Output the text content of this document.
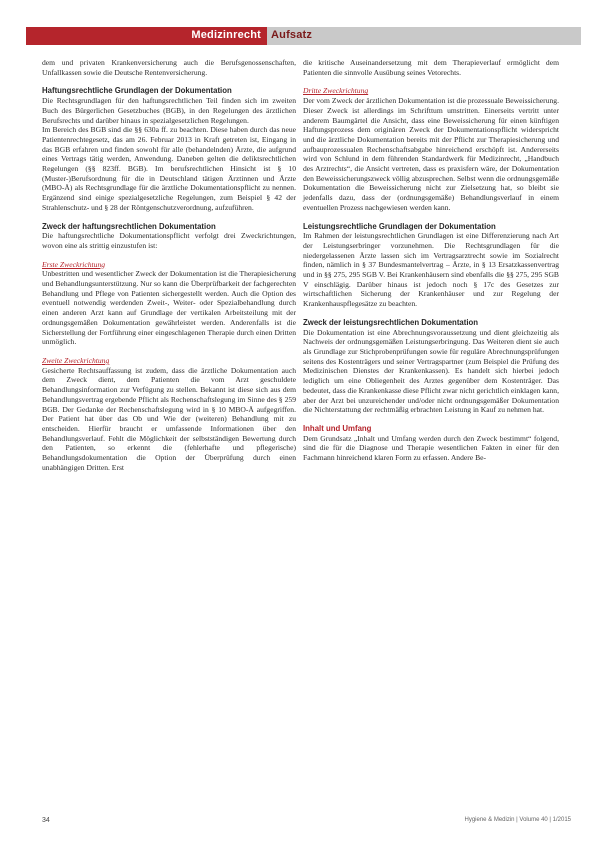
Medizinrecht Aufsatz

dem und privaten Krankenversicherung auch die Berufsgenossenschaften, Unfallkassen sowie die Deutsche Rentenversicherung.

Haftungsrechtliche Grundlagen der Dokumentation

Die Rechtsgrundlagen für den haftungsrechtlichen Teil finden sich im zweiten Buch des Bürgerlichen Gesetzbuches (BGB), in den Regelungen des ärztlichen Berufsrechts und darüber hinaus in spezialgesetzlichen Regelungen.

Im Bereich des BGB sind die §§ 630a ff. zu beachten. Diese haben durch das neue Patientenrechtegesetz, das am 26. Februar 2013 in Kraft getreten ist, Eingang in das BGB erfahren und finden sowohl für alle (behandelnden) Ärzte, die aufgrund eines Vertrags tätig werden, Anwendung. Daneben gelten die deliktsrechtlichen Regelungen (§§ 823ff. BGB). Im berufsrechtlichen Hinsicht ist § 10 (Muster-)Berufsordnung für die in Deutschland tätigen Ärztinnen und Ärzte (MBO-Ä) als Rechtsgrundlage für die ärztliche Dokumentationspflicht zu nennen. Ergänzend sind einige spezialgesetzliche Regelungen, zum Beispiel § 42 der Strahlenschutz- und § 28 der Röntgenschutzverordnung, aufzuführen.

Zweck der haftungsrechtlichen Dokumentation

Die haftungsrechtliche Dokumentationspflicht verfolgt drei Zweckrichtungen, wovon eine als strittig einzustufen ist:

Erste Zweckrichtung

Unbestritten und wesentlicher Zweck der Dokumentation ist die Therapiesicherung und Behandlungsunterstützung. Nur so kann die Überprüfbarkeit der fachgerechten Behandlung und Pflege von Patienten sichergestellt werden. Auch die Option des eventuell notwendig werdenden Zweit-, Weiter- oder Spezialbehandlung durch einen anderen Arzt kann auf Grundlage der vertikalen Arbeitsteilung mit der ordnungsgemäßen Dokumentation gewährleistet werden. Anderenfalls ist die Sicherstellung der Fortführung einer eingeschlagenen Therapie durch einen Dritten unmöglich.

Zweite Zweckrichtung

Gesicherte Rechtsauffassung ist zudem, dass die ärztliche Dokumentation auch dem Zweck dient, dem Patienten die vom Arzt geschuldete Behandlungsinformation zur Verfügung zu stellen. Bekannt ist diese sich aus dem Behandlungsvertrag ergebende Pflicht als Rechenschaftslegung im Sinne des § 259 BGB. Der Gedanke der Rechenschaftslegung wird in § 10 MBO-Ä aufgegriffen. Der Patient hat über das Ob und Wie der (weiteren) Behandlung mit zu entscheiden. Hierfür braucht er umfassende Informationen über den Behandlungsverlauf. Fehlt die Möglichkeit der selbstständigen Bewertung durch den Patienten, so erkennt die (fehlerhafte und pflegerische) Behandlungsdokumentation die Option der Überprüfung durch einen unabhängigen Dritten. Erst

die kritische Auseinandersetzung mit dem Therapieverlauf ermöglicht dem Patienten die sinnvolle Ausübung seines Vetorechts.

Dritte Zweckrichtung

Der vom Zweck der ärztlichen Dokumentation ist die prozessuale Beweissicherung. Dieser Zweck ist allerdings im Schrifttum umstritten. Einerseits vertritt unter anderem Baumgärtel die Ansicht, dass eine Beweissicherung für einen künftigen Haftungsprozess dem originären Zweck der Dokumentationspflicht widerspricht und die ärztliche Dokumentation bereits mit der Pflicht zur Therapiesicherung und aufbauprozessualen Rechenschaftsabgabe hinreichend erschöpft ist. Andererseits wird von Schlund in dem führenden Standardwerk für Medizinrecht, „Handbuch des Arztrechts“, die Ansicht vertreten, dass es praxisfern wäre, der Dokumentation den Beweissicherungszweck völlig abzusprechen. Selbst wenn die ordnungsgemäße Dokumentation die Beweissicherung nicht zur Zielsetzung hat, so bleibt sie jedenfalls dazu, dass der (ordnungsgemäße) Behandlungsverlauf in einem eventuellen Prozess nachgewiesen werden kann.

Leistungsrechtliche Grundlagen der Dokumentation

Im Rahmen der leistungsrechtlichen Grundlagen ist eine Differenzierung nach Art der Leistungserbringer vorzunehmen. Die Rechtsgrundlagen für die niedergelassenen Ärzte lassen sich im Vertragsarztrecht sowie im Sozialrecht finden, nämlich in § 37 Bundesmantelvertrag – Ärzte, in § 13 Ersatzkassenvertrag und in §§ 275, 295 SGB V. Bei Krankenhäusern sind ebenfalls die §§ 275, 295 SGB V einschlägig. Darüber hinaus ist jedoch noch § 17c des Gesetzes zur wirtschaftlichen Sicherung der Krankenhäuser und zur Regelung der Krankenhauspflegesätze zu beachten.

Zweck der leistungsrechtlichen Dokumentation

Die Dokumentation ist eine Abrechnungsvoraussetzung und dient gleichzeitig als Nachweis der ordnungsgemäßen Leistungserbringung. Das Weiteren dient sie auch als Grundlage zur Stichprobenprüfungen sowie für reguläre Abrechnungsprüfungen seitens des Kostenträgers und seiner Vertragspartner (zum Beispiel die Prüfung des Medizinischen Dienstes der Krankenkassen). Es handelt sich hierbei jedoch lediglich um eine Obliegenheit des Arztes gegenüber dem Kostenträger. Das bedeutet, dass die Krankenkasse diese Pflicht zwar nicht gerichtlich einklagen kann, aber der Arzt bei unzureichender und/oder nicht ordnungsgemäßer Dokumentation die Nichterstattung der rechtmäßig erbrachten Leistung in Kauf zu nehmen hat.

Inhalt und Umfang

Dem Grundsatz „Inhalt und Umfang werden durch den Zweck bestimmt“ folgend, sind die für die Diagnose und Therapie wesentlichen Fakten in einer für den Fachmann hinreichend klaren Form zu erfassen. Andere Be-

34	Hygiene & Medizin | Volume 40 | 1/2015
